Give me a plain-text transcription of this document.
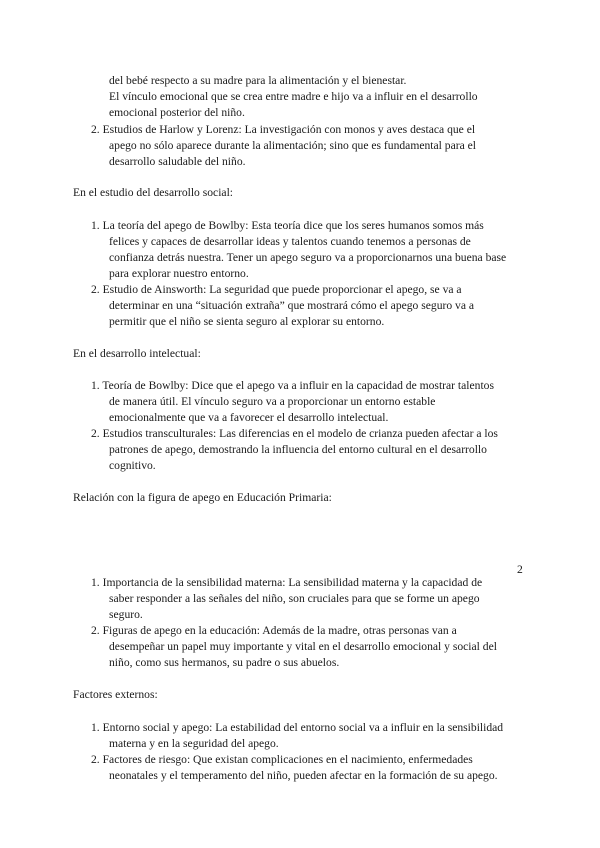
del bebé respecto a su madre para la alimentación y el bienestar.
El vínculo emocional que se crea entre madre e hijo va a influir en el desarrollo
emocional posterior del niño.
2. Estudios de Harlow y Lorenz: La investigación con monos y aves destaca que el
apego no sólo aparece durante la alimentación; sino que es fundamental para el
desarrollo saludable del niño.
En el estudio del desarrollo social:
1. La teoría del apego de Bowlby: Esta teoría dice que los seres humanos somos más
felices y capaces de desarrollar ideas y talentos cuando tenemos a personas de
confianza detrás nuestra. Tener un apego seguro va a proporcionarnos una buena base
para explorar nuestro entorno.
2. Estudio de Ainsworth: La seguridad que puede proporcionar el apego, se va a
determinar en una “situación extraña” que mostrará cómo el apego seguro va a
permitir que el niño se sienta seguro al explorar su entorno.
En el desarrollo intelectual:
1. Teoría de Bowlby: Dice que el apego va a influir en la capacidad de mostrar talentos
de manera útil. El vínculo seguro va a proporcionar un entorno estable
emocionalmente que va a favorecer el desarrollo intelectual.
2. Estudios transculturales: Las diferencias en el modelo de crianza pueden afectar a los
patrones de apego, demostrando la influencia del entorno cultural en el desarrollo
cognitivo.
Relación con la figura de apego en Educación Primaria:
2
1. Importancia de la sensibilidad materna: La sensibilidad materna y la capacidad de
saber responder a las señales del niño, son cruciales para que se forme un apego
seguro.
2. Figuras de apego en la educación: Además de la madre, otras personas van a
desempeñar un papel muy importante y vital en el desarrollo emocional y social del
niño, como sus hermanos, su padre o sus abuelos.
Factores externos:
1. Entorno social y apego: La estabilidad del entorno social va a influir en la sensibilidad
materna y en la seguridad del apego.
2. Factores de riesgo: Que existan complicaciones en el nacimiento, enfermedades
neonatales y el temperamento del niño, pueden afectar en la formación de su apego.
